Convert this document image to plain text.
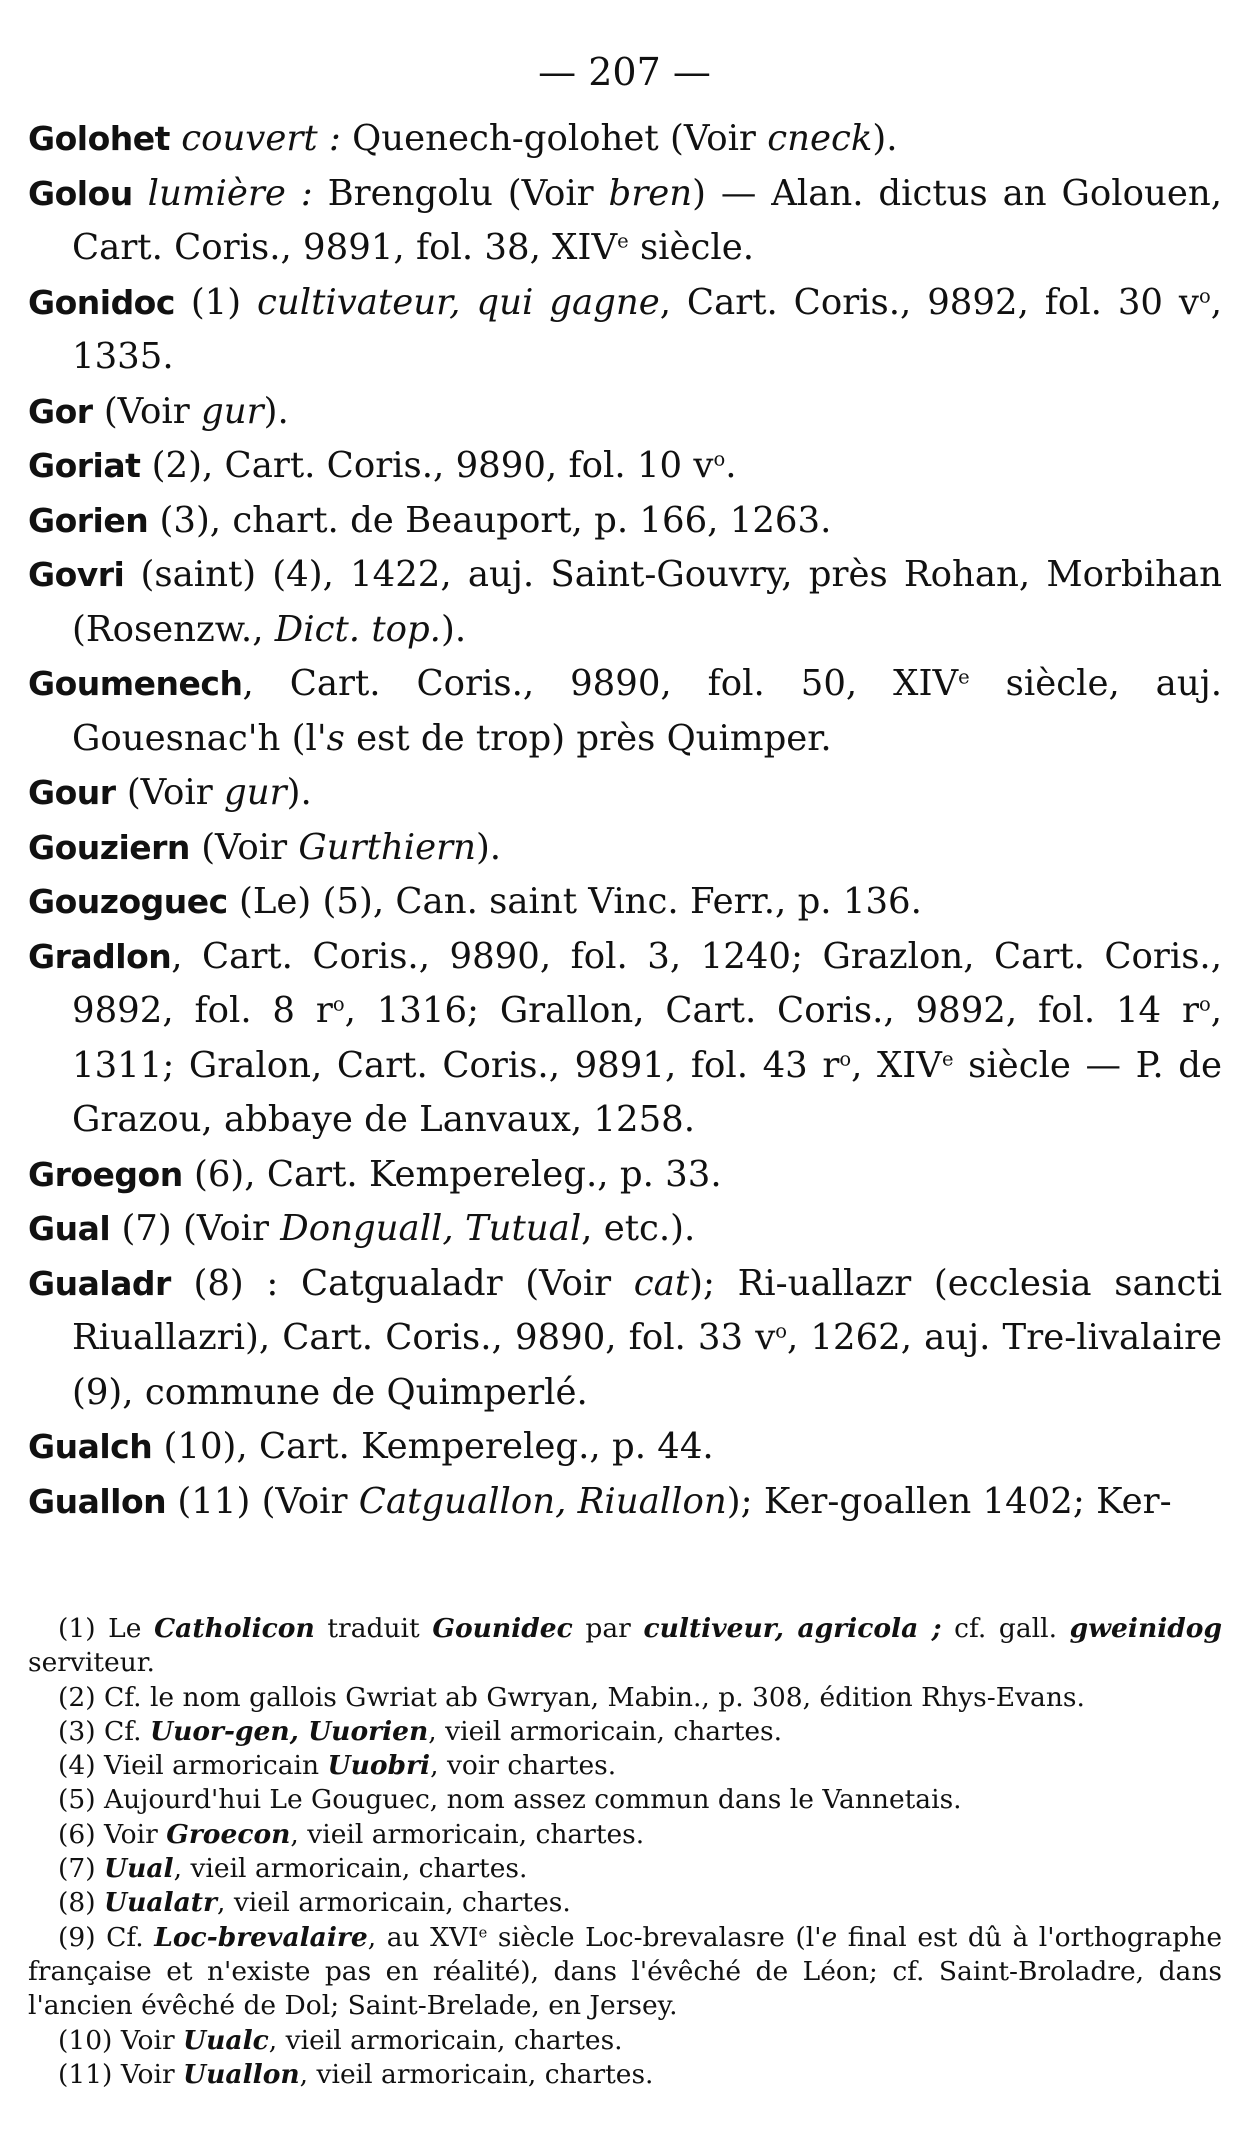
— 207 —

Golohet couvert : Quenech-golohet (Voir cneck).

Golou lumière : Brengolu (Voir bren) — Alan. dictus an Golouen, Cart. Coris., 9891, fol. 38, XIVe siècle.

Gonidoc (1) cultivateur, qui gagne, Cart. Coris., 9892, fol. 30 $v^o$, 1335.

Gor (Voir gur).

Goriat (2), Cart. Coris., 9890, fol. 10 $v^o$.

Gorien (3), chart. de Beauport, p. 166, 1263.

Govri (saint) (4), 1422, auj. Saint-Gouvry, près Rohan, Morbihan (Rosenzw., Dict. top.).

Goumenech, Cart. Coris., 9890, fol. 50, XIVe siècle, auj. Gouesnac'h (l's est de trop) près Quimper.

Gour (Voir gur).

Gouziern (Voir Gurthiern).

Gouzoguec (Le) (5), Can. saint Vinc. Ferr., p. 136.

Gradlon, Cart. Coris., 9890, fol. 3, 1240; Grazlon, Cart. Coris., 9892, fol. 8 $r^o$, 1316; Grallon, Cart. Coris., 9892, fol. 14 $r^o$, 1311; Gralon, Cart. Coris., 9891, fol. 43 $r^o$, XIVe siècle — P. de Grazou, abbaye de Lanvaux, 1258.

Groegon (6), Cart. Kempereleg., p. 33.

Gual (7) (Voir Donguall, Tutual, etc.).

Gualadr (8) : Catgualadr (Voir cat); Ri-uallazr (ecclesia sancti Riuallazri), Cart. Coris., 9890, fol. 33 $v^o$, 1262, auj. Tre-livalaire (9), commune de Quimperlé.

Gualch (10), Cart. Kempereleg., p. 44.

Guallon (11) (Voir Catguallon, Riuallon); Ker-goallen 1402; Ker-

(1) Le Catholicon traduit Gounidec par cultiveur, agricola ; cf. gall. gweinidog serviteur.

(2) Cf. le nom gallois Gwriat ab Gwryan, Mabin., p. 308, édition Rhys-Evans.

(3) Cf. Uuor-gen, Uuorien, vieil armoricain, chartes.

(4) Vieil armoricain Uuobri, voir chartes.

(5) Aujourd'hui Le Gouguec, nom assez commun dans le Vannetais.

(6) Voir Groecon, vieil armoricain, chartes.

(7) Uual, vieil armoricain, chartes.

(8) Uualatr, vieil armoricain, chartes.

(9) Cf. Loc-brevalaire, au XVIe siècle Loc-brevalasre (l'e final est dû à l'orthographe française et n'existe pas en réalité), dans l'évêché de Léon; cf. Saint-Broladre, dans l'ancien évêché de Dol; Saint-Brelade, en Jersey.

(10) Voir Uualc, vieil armoricain, chartes.

(11) Voir Uuallon, vieil armoricain, chartes.
